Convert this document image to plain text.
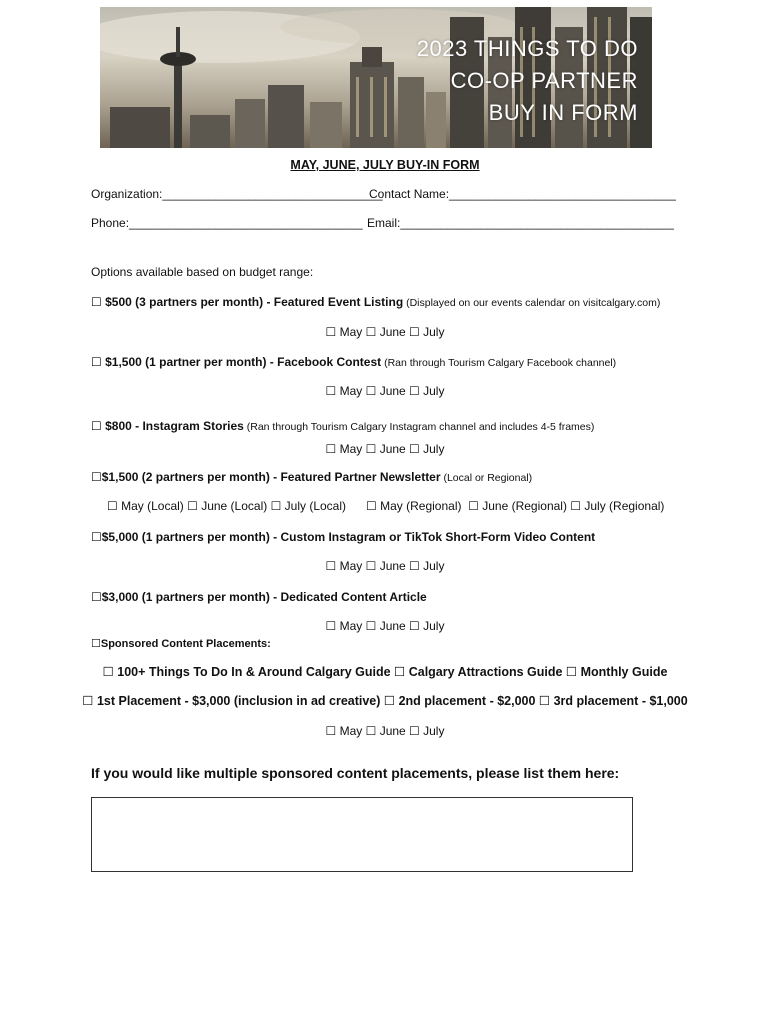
2023 THINGS TO DO
CO-OP PARTNER
BUY IN FORM
MAY, JUNE, JULY BUY-IN FORM
Organization:_________________________________
Contact Name:__________________________________
Phone:___________________________________ Email:_________________________________________
Options available based on budget range:
☐ $500 (3 partners per month) - Featured Event Listing (Displayed on our events calendar on visitcalgary.com)
☐ May ☐ June ☐ July
☐ $1,500 (1 partner per month) - Facebook Contest (Ran through Tourism Calgary Facebook channel)
☐ May ☐ June ☐ July
☐ $800 - Instagram Stories (Ran through Tourism Calgary Instagram channel and includes 4-5 frames)
☐ May ☐ June ☐ July
☐$1,500 (2 partners per month) - Featured Partner Newsletter (Local or Regional)
☐ May (Local) ☐ June (Local) ☐ July (Local)      ☐ May (Regional)  ☐ June (Regional) ☐ July (Regional)
☐$5,000 (1 partners per month) - Custom Instagram or TikTok Short-Form Video Content
☐ May ☐ June ☐ July
☐$3,000 (1 partners per month) - Dedicated Content Article
☐ May ☐ June ☐ July
☐Sponsored Content Placements:
☐ 100+ Things To Do In & Around Calgary Guide ☐ Calgary Attractions Guide ☐ Monthly Guide
☐ 1st Placement - $3,000 (inclusion in ad creative) ☐ 2nd placement - $2,000 ☐ 3rd placement - $1,000
☐ May ☐ June ☐ July
If you would like multiple sponsored content placements, please list them here:
